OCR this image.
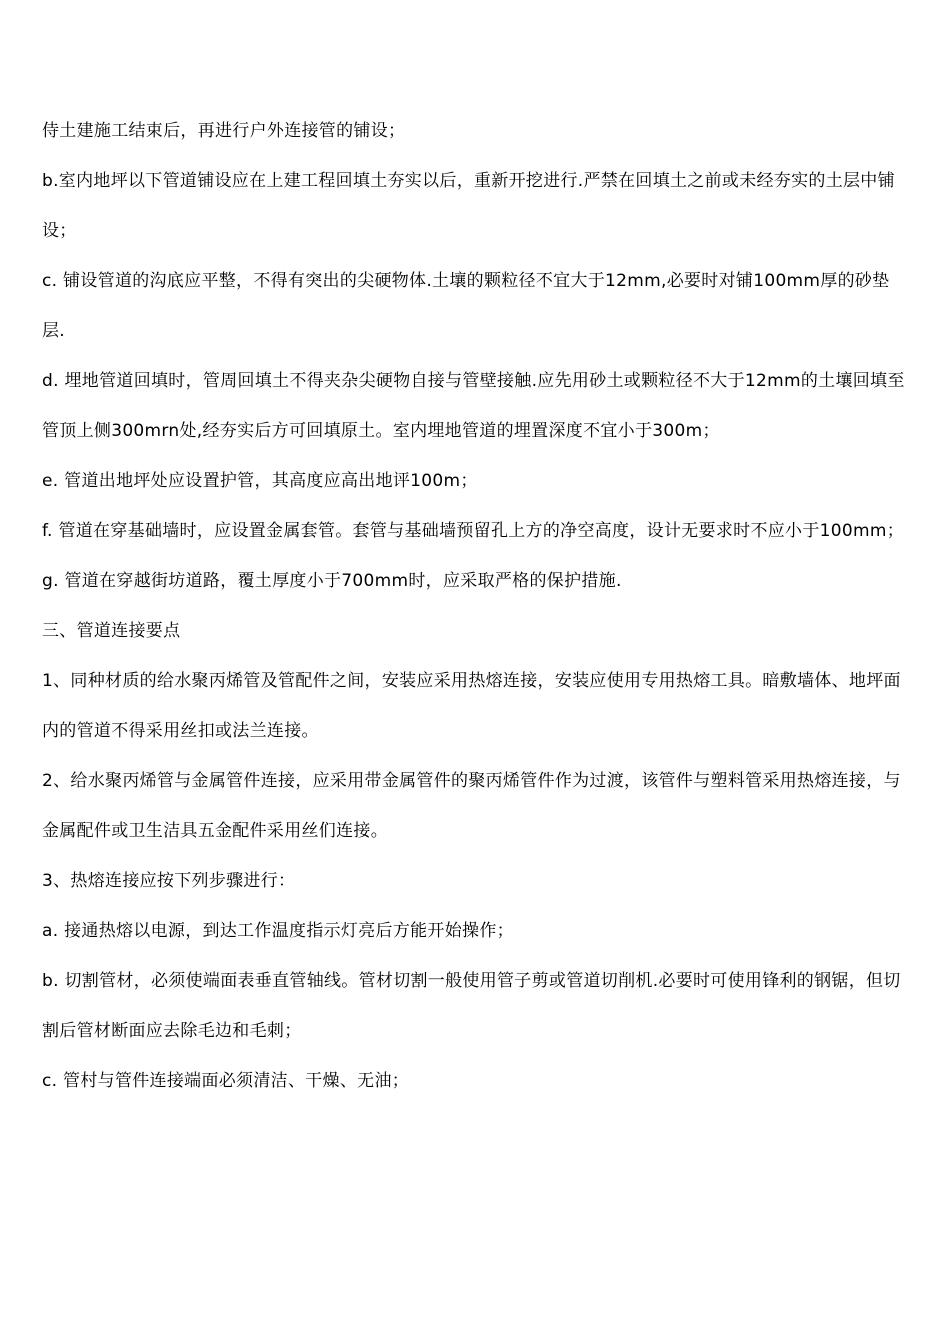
侍土建施工结束后，再进行户外连接管的铺设；

b.室内地坪以下管道铺设应在上建工程回填土夯实以后，重新开挖进行.严禁在回填土之前或未经夯实的土层中铺设；

c. 铺设管道的沟底应平整，不得有突出的尖硬物体.土壤的颗粒径不宜大于12mm,必要时对铺100mm厚的砂垫层.

d. 埋地管道回填时，管周回填土不得夹杂尖硬物自接与管壁接触.应先用砂土或颗粒径不大于12mm的土壤回填至管顶上侧300mrn处,经夯实后方可回填原土。室内埋地管道的埋置深度不宜小于300m；

e. 管道出地坪处应设置护管，其高度应高出地评100m；

f. 管道在穿基础墙时，应设置金属套管。套管与基础墙预留孔上方的净空高度，设计无要求时不应小于100mm；

g. 管道在穿越街坊道路，覆土厚度小于700mm时，应采取严格的保护措施.

三、管道连接要点

1、同种材质的给水聚丙烯管及管配件之间，安装应采用热熔连接，安装应使用专用热熔工具。暗敷墙体、地坪面内的管道不得采用丝扣或法兰连接。

2、给水聚丙烯管与金属管件连接，应采用带金属管件的聚丙烯管件作为过渡，该管件与塑料管采用热熔连接，与金属配件或卫生洁具五金配件采用丝们连接。

3、热熔连接应按下列步骤进行：

a. 接通热熔以电源，到达工作温度指示灯亮后方能开始操作；

b. 切割管材，必须使端面表垂直管轴线。管材切割一般使用管子剪或管道切削机.必要时可使用锋利的钢锯，但切割后管材断面应去除毛边和毛刺；

c. 管村与管件连接端面必须清洁、干燥、无油；
